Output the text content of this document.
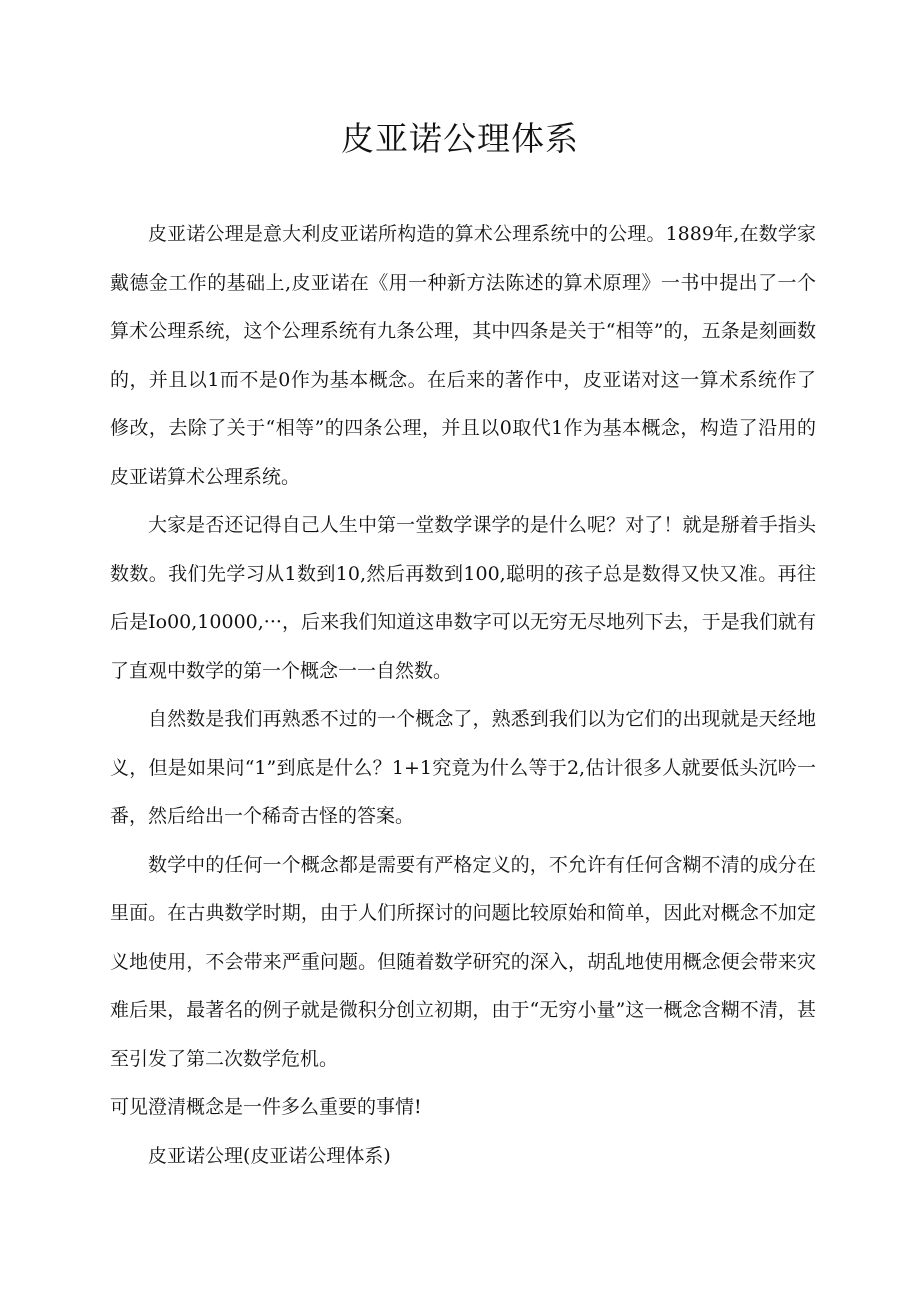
皮亚诺公理体系

皮亚诺公理是意大利皮亚诺所构造的算术公理系统中的公理。1889年,在数学家戴德金工作的基础上,皮亚诺在《用一种新方法陈述的算术原理》一书中提出了一个算术公理系统，这个公理系统有九条公理，其中四条是关于“相等”的，五条是刻画数的，并且以1而不是0作为基本概念。在后来的著作中，皮亚诺对这一算术系统作了修改，去除了关于“相等”的四条公理，并且以0取代1作为基本概念，构造了沿用的皮亚诺算术公理系统。

大家是否还记得自己人生中第一堂数学课学的是什么呢？对了！就是掰着手指头数数。我们先学习从1数到10,然后再数到100,聪明的孩子总是数得又快又准。再往后是Io00,10000,···，后来我们知道这串数字可以无穷无尽地列下去，于是我们就有了直观中数学的第一个概念一一自然数。

自然数是我们再熟悉不过的一个概念了，熟悉到我们以为它们的出现就是天经地义，但是如果问“1”到底是什么？1+1究竟为什么等于2,估计很多人就要低头沉吟一番，然后给出一个稀奇古怪的答案。

数学中的任何一个概念都是需要有严格定义的，不允许有任何含糊不清的成分在里面。在古典数学时期，由于人们所探讨的问题比较原始和简单，因此对概念不加定义地使用，不会带来严重问题。但随着数学研究的深入，胡乱地使用概念便会带来灾难后果，最著名的例子就是微积分创立初期，由于“无穷小量”这一概念含糊不清，甚至引发了第二次数学危机。

可见澄清概念是一件多么重要的事情!

皮亚诺公理(皮亚诺公理体系)
